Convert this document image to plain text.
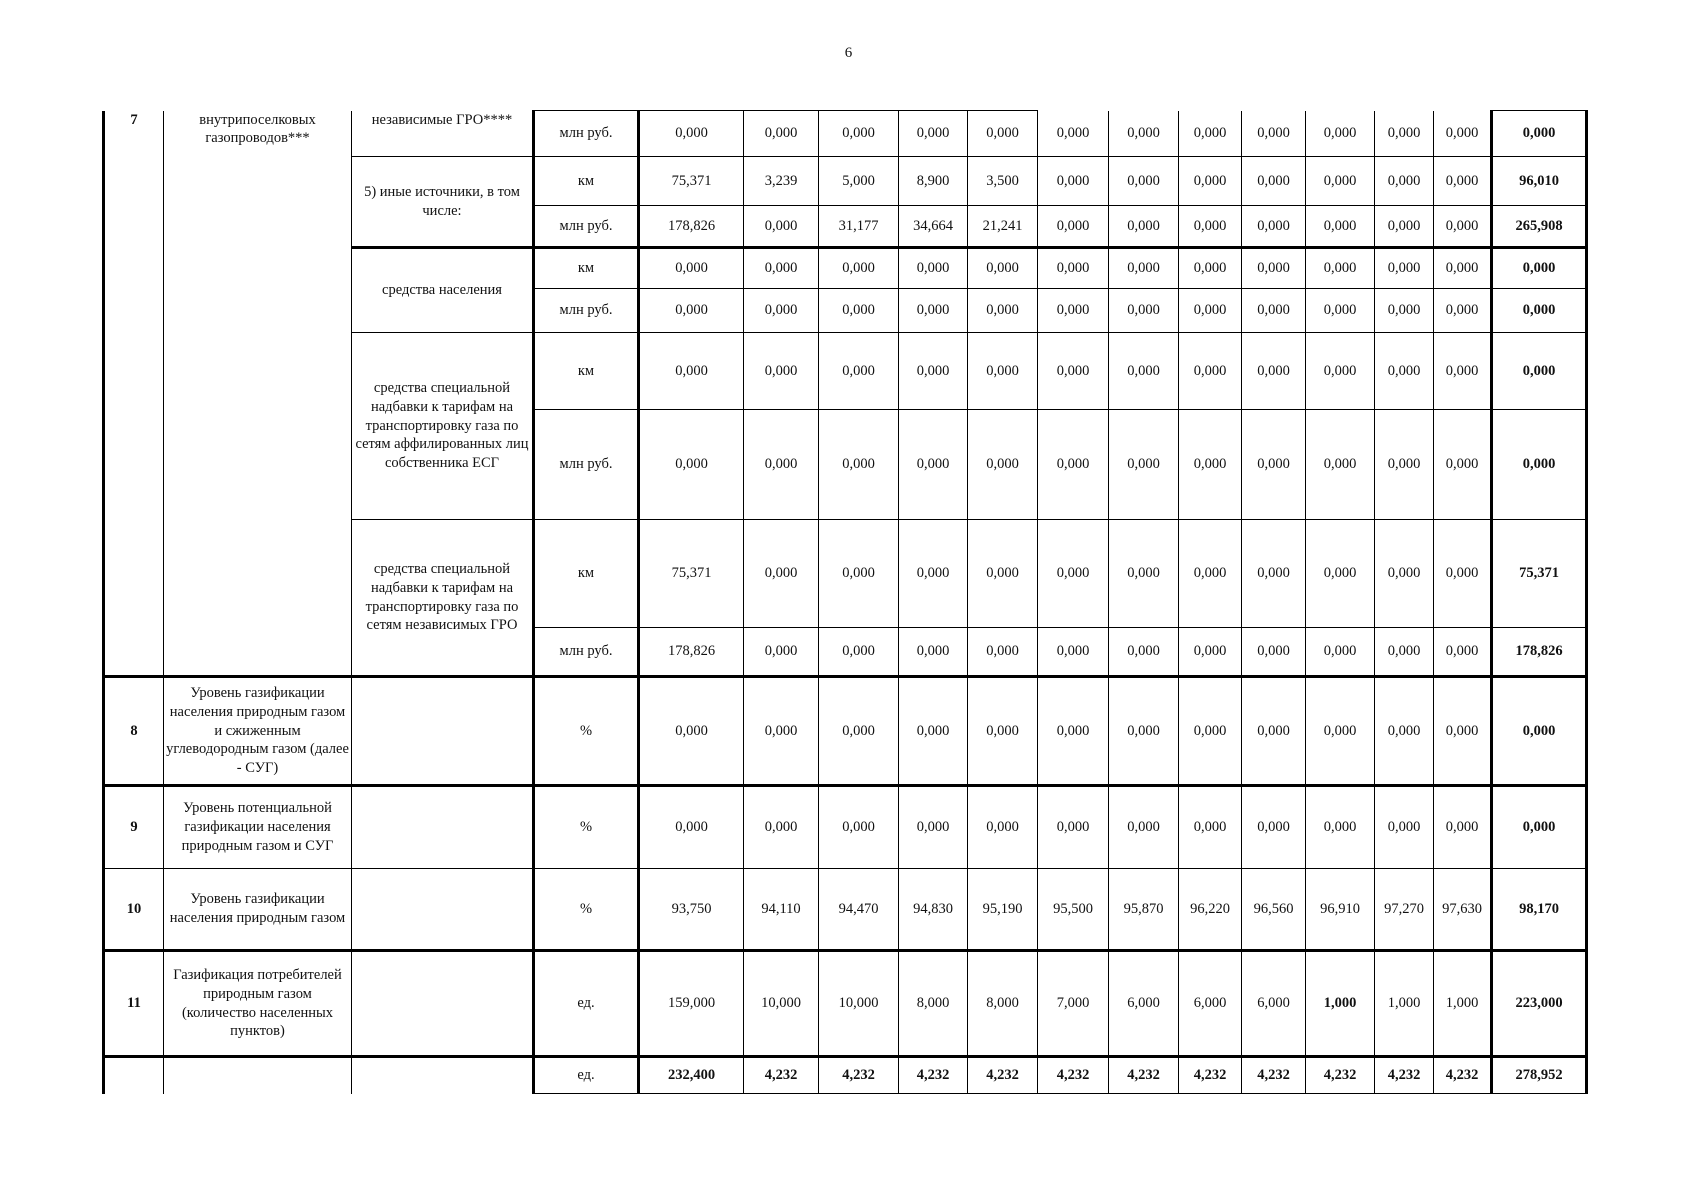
6
7	внутрипоселковых газопроводов***	независимые ГРО****	млн руб.	0,000	0,000	0,000	0,000	0,000	0,000	0,000	0,000	0,000	0,000	0,000	0,000	0,000
		5) иные источники, в том числе:	км	75,371	3,239	5,000	8,900	3,500	0,000	0,000	0,000	0,000	0,000	0,000	0,000	96,010
			млн руб.	178,826	0,000	31,177	34,664	21,241	0,000	0,000	0,000	0,000	0,000	0,000	0,000	265,908
		средства населения	км	0,000	0,000	0,000	0,000	0,000	0,000	0,000	0,000	0,000	0,000	0,000	0,000	0,000
			млн руб.	0,000	0,000	0,000	0,000	0,000	0,000	0,000	0,000	0,000	0,000	0,000	0,000	0,000
		средства специальной надбавки к тарифам на транспортировку газа по сетям аффилированных лиц собственника ЕСГ	км	0,000	0,000	0,000	0,000	0,000	0,000	0,000	0,000	0,000	0,000	0,000	0,000	0,000
			млн руб.	0,000	0,000	0,000	0,000	0,000	0,000	0,000	0,000	0,000	0,000	0,000	0,000	0,000
		средства специальной надбавки к тарифам на транспортировку газа по сетям независимых ГРО	км	75,371	0,000	0,000	0,000	0,000	0,000	0,000	0,000	0,000	0,000	0,000	0,000	75,371
			млн руб.	178,826	0,000	0,000	0,000	0,000	0,000	0,000	0,000	0,000	0,000	0,000	0,000	178,826
8	Уровень газификации населения природным газом и сжиженным углеводородным газом (далее - СУГ)		%	0,000	0,000	0,000	0,000	0,000	0,000	0,000	0,000	0,000	0,000	0,000	0,000	0,000
9	Уровень потенциальной газификации населения природным газом и СУГ		%	0,000	0,000	0,000	0,000	0,000	0,000	0,000	0,000	0,000	0,000	0,000	0,000	0,000
10	Уровень газификации населения природным газом		%	93,750	94,110	94,470	94,830	95,190	95,500	95,870	96,220	96,560	96,910	97,270	97,630	98,170
11	Газификация потребителей природным газом (количество населенных пунктов)		ед.	159,000	10,000	10,000	8,000	8,000	7,000	6,000	6,000	6,000	1,000	1,000	1,000	223,000
			ед.	232,400	4,232	4,232	4,232	4,232	4,232	4,232	4,232	4,232	4,232	4,232	4,232	278,952
